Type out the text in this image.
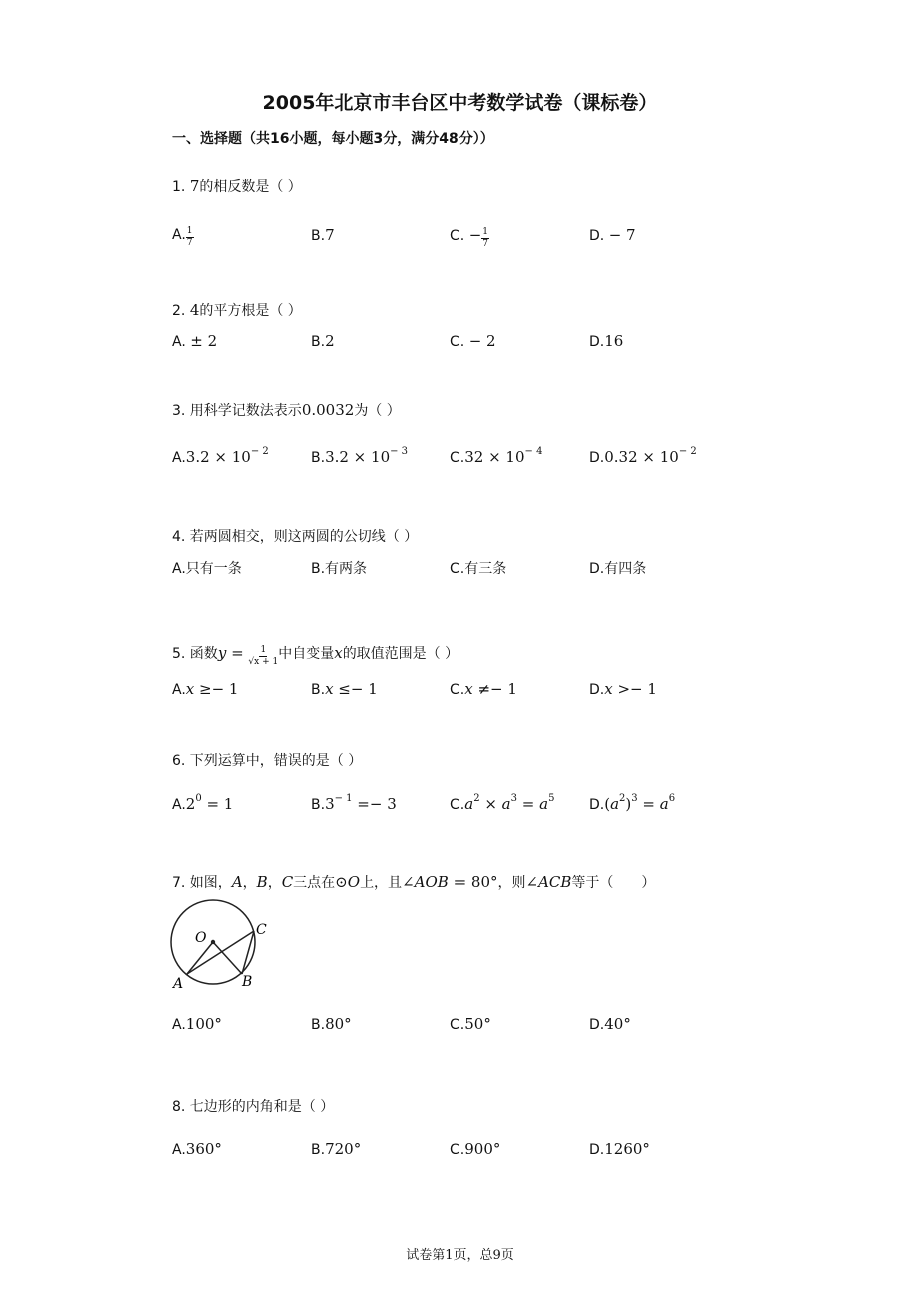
2005年北京市丰台区中考数学试卷（课标卷）
一、选择题（共16小题，每小题3分，满分48分））
1. 7的相反数是（ ）
A. $\frac{1}{7}$	B.7	C. − $\frac{1}{7}$	D. − 7
2. 4的平方根是（ ）
A. ± 2	B.2	C. − 2	D.16
3. 用科学记数法表示0.0032为（ ）
$A.3.2 \times 10^{- 2}$	$B.3.2 \times 10^{- 3}$	$C.32 \times 10^{- 4}$	$D.0.32 \times 10^{- 2}$
4. 若两圆相交，则这两圆的公切线（ ）
A.只有一条	B.有两条	C.有三条	D.有四条
5. 函数$y = \frac{1}{√x + 1}$ 中自变量x的取值范围是（ ）
A.x ≥− 1	B.x ≤− 1	C.x ≠− 1	D.x >− 1
6. 下列运算中，错误的是（ ）
$A.2^0 = 1$	$B.3^{- 1} =- 3$	$C.a^2 \times a^3 = a^5$ $D.(a^2)^3 = a^6$
7. 如图，A，B，C三点在⊙O上，且∠AOB = 80°，则∠ACB等于（　　）
A.100°	B.80°	C.50°	D.40°
8. 七边形的内角和是（ ）
A.360°	B.720°	C.900°	D.1260°
O	C
A	B
试卷第1页，总9页
